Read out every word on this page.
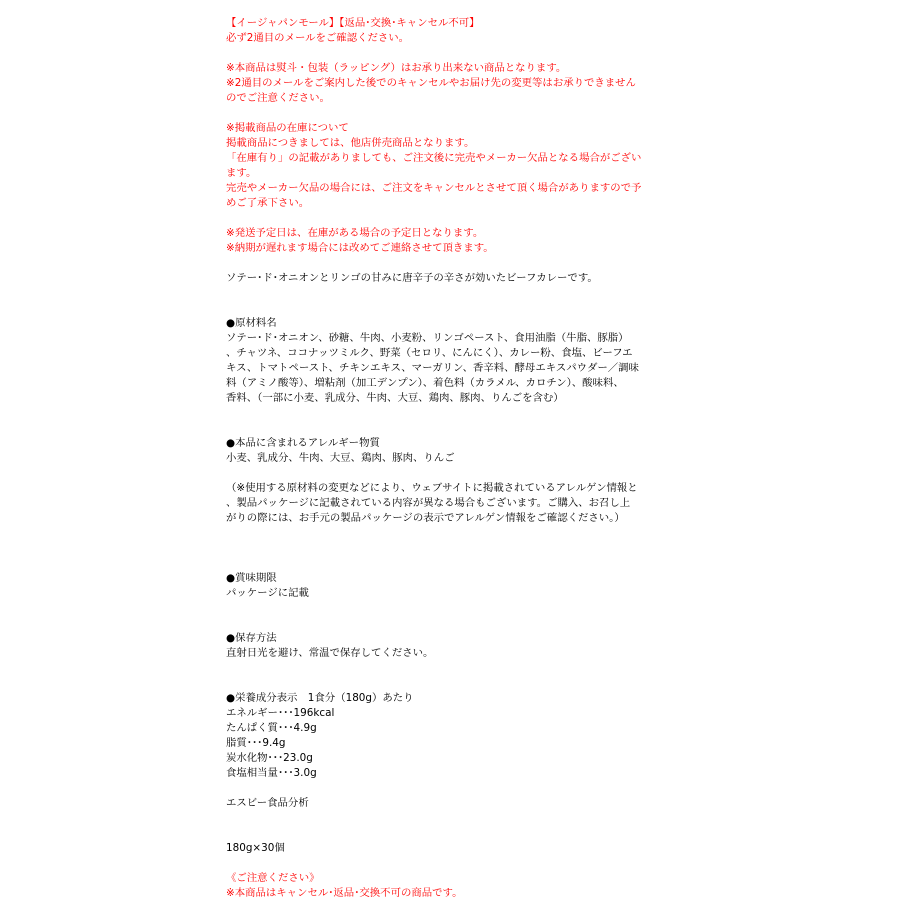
【イージャパンモール】【返品･交換･キャンセル不可】
必ず2通目のメールをご確認ください。
※本商品は熨斗・包装（ラッピング）はお承り出来ない商品となります。
※2通目のメールをご案内した後でのキャンセルやお届け先の変更等はお承りできません
のでご注意ください。
※掲載商品の在庫について
掲載商品につきましては、他店併売商品となります。
「在庫有り」の記載がありましても、ご注文後に完売やメーカー欠品となる場合がござい
ます。
完売やメーカー欠品の場合には、ご注文をキャンセルとさせて頂く場合がありますので予
めご了承下さい。
※発送予定日は、在庫がある場合の予定日となります。
※納期が遅れます場合には改めてご連絡させて頂きます。
ソテー･ド･オニオンとリンゴの甘みに唐辛子の辛さが効いたビーフカレーです。
●原材料名
ソテー･ド･オニオン、砂糖、牛肉、小麦粉、リンゴペースト、食用油脂（牛脂、豚脂）
、チャツネ、ココナッツミルク、野菜（セロリ、にんにく）、カレー粉、食塩、ビーフエ
キス、トマトペースト、チキンエキス、マーガリン、香辛料、酵母エキスパウダー／調味
料（アミノ酸等）、増粘剤（加工デンプン）、着色料（カラメル、カロチン）、酸味料、
香料、（一部に小麦、乳成分、牛肉、大豆、鶏肉、豚肉、りんごを含む）
●本品に含まれるアレルギー物質
小麦、乳成分、牛肉、大豆、鶏肉、豚肉、りんご
（※使用する原材料の変更などにより、ウェブサイトに掲載されているアレルゲン情報と
、製品パッケージに記載されている内容が異なる場合もございます。ご購入、お召し上
がりの際には、お手元の製品パッケージの表示でアレルゲン情報をご確認ください。）
●賞味期限
パッケージに記載
●保存方法
直射日光を避け、常温で保存してください。
●栄養成分表示　1食分（180g）あたり
エネルギー･･･196kcal
たんぱく質･･･4.9g
脂質･･･9.4g
炭水化物･･･23.0g
食塩相当量･･･3.0g
エスビー食品分析
180g×30個
《ご注意ください》
※本商品はキャンセル･返品･交換不可の商品です。
